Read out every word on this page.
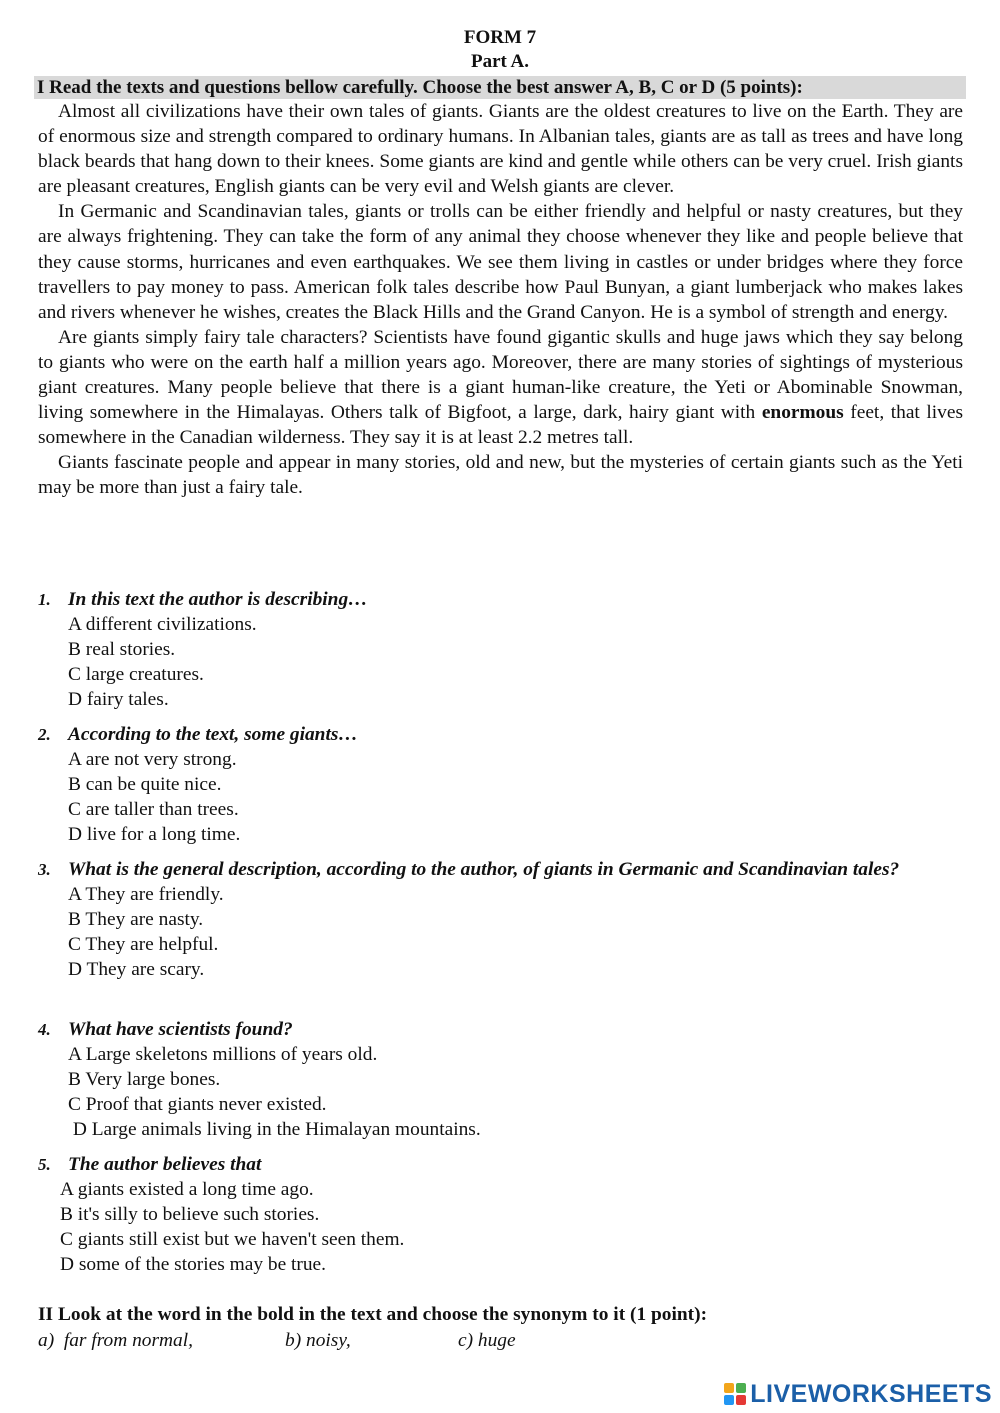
FORM 7
Part A.
I Read the texts and questions bellow carefully. Choose the best answer A, B, C or D (5 points):

Almost all civilizations have their own tales of giants. Giants are the oldest creatures to live on the Earth. They are of enormous size and strength compared to ordinary humans. In Albanian tales, giants are as tall as trees and have long black beards that hang down to their knees. Some giants are kind and gentle while others can be very cruel. Irish giants are pleasant creatures, English giants can be very evil and Welsh giants are clever.

In Germanic and Scandinavian tales, giants or trolls can be either friendly and helpful or nasty creatures, but they are always frightening. They can take the form of any animal they choose whenever they like and people believe that they cause storms, hurricanes and even earthquakes. We see them living in castles or under bridges where they force travellers to pay money to pass. American folk tales describe how Paul Bunyan, a giant lumberjack who makes lakes and rivers whenever he wishes, creates the Black Hills and the Grand Canyon. He is a symbol of strength and energy.

Are giants simply fairy tale characters? Scientists have found gigantic skulls and huge jaws which they say belong to giants who were on the earth half a million years ago. Moreover, there are many stories of sightings of mysterious giant creatures. Many people believe that there is a giant human-like creature, the Yeti or Abominable Snowman, living somewhere in the Himalayas. Others talk of Bigfoot, a large, dark, hairy giant with enormous feet, that lives somewhere in the Canadian wilderness. They say it is at least 2.2 metres tall.

Giants fascinate people and appear in many stories, old and new, but the mysteries of certain giants such as the Yeti may be more than just a fairy tale.

1. In this text the author is describing…
A different civilizations.
B real stories.
C large creatures.
D fairy tales.
2. According to the text, some giants…
A are not very strong.
B can be quite nice.
C are taller than trees.
D live for a long time.
3. What is the general description, according to the author, of giants in Germanic and Scandinavian tales?
A They are friendly.
B They are nasty.
C They are helpful.
D They are scary.
4. What have scientists found?
A Large skeletons millions of years old.
B Very large bones.
C Proof that giants never existed.
D Large animals living in the Himalayan mountains.
5. The author believes that
A giants existed a long time ago.
B it's silly to believe such stories.
C giants still exist but we haven't seen them.
D some of the stories may be true.
II Look at the word in the bold in the text and choose the synonym to it (1 point):
a)  far from normal,	b) noisy,	c) huge
LIVEWORKSHEETS
